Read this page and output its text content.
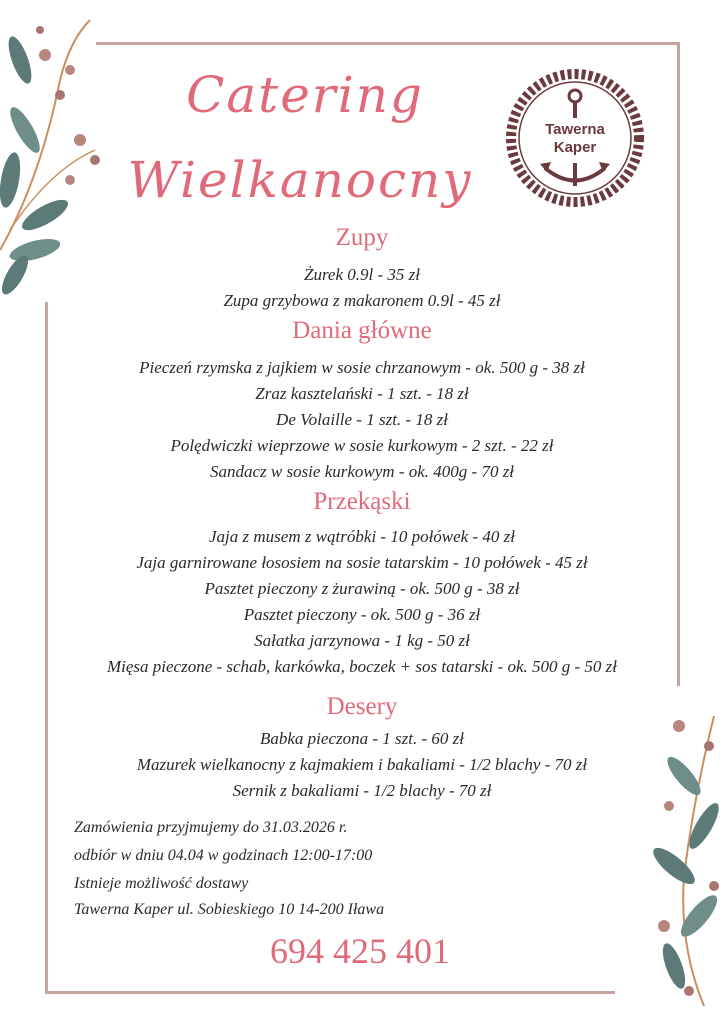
Catering
Wielkanocny
Tawerna
Kaper
Zupy
Żurek 0.9l - 35 zł
Zupa grzybowa z makaronem 0.9l - 45 zł
Dania główne
Pieczeń rzymska z jajkiem w sosie chrzanowym - ok. 500 g - 38 zł
Zraz kasztelański - 1 szt. - 18 zł
De Volaille - 1 szt. - 18 zł
Polędwiczki wieprzowe w sosie kurkowym - 2 szt. - 22 zł
Sandacz w sosie kurkowym - ok. 400g - 70 zł
Przekąski
Jaja z musem z wątróbki - 10 połówek - 40 zł
Jaja garnirowane łososiem na sosie tatarskim - 10 połówek - 45 zł
Pasztet pieczony z żurawiną - ok. 500 g - 38 zł
Pasztet pieczony - ok. 500 g - 36 zł
Sałatka jarzynowa - 1 kg - 50 zł
Mięsa pieczone - schab, karkówka, boczek + sos tatarski - ok. 500 g - 50 zł
Desery
Babka pieczona - 1 szt. - 60 zł
Mazurek wielkanocny z kajmakiem i bakaliami - 1/2 blachy - 70 zł
Sernik z bakaliami - 1/2 blachy - 70 zł
Zamówienia przyjmujemy do 31.03.2026 r.
odbiór w dniu 04.04 w godzinach 12:00-17:00
Istnieje możliwość dostawy
Tawerna Kaper ul. Sobieskiego 10 14-200 Iława
694 425 401
